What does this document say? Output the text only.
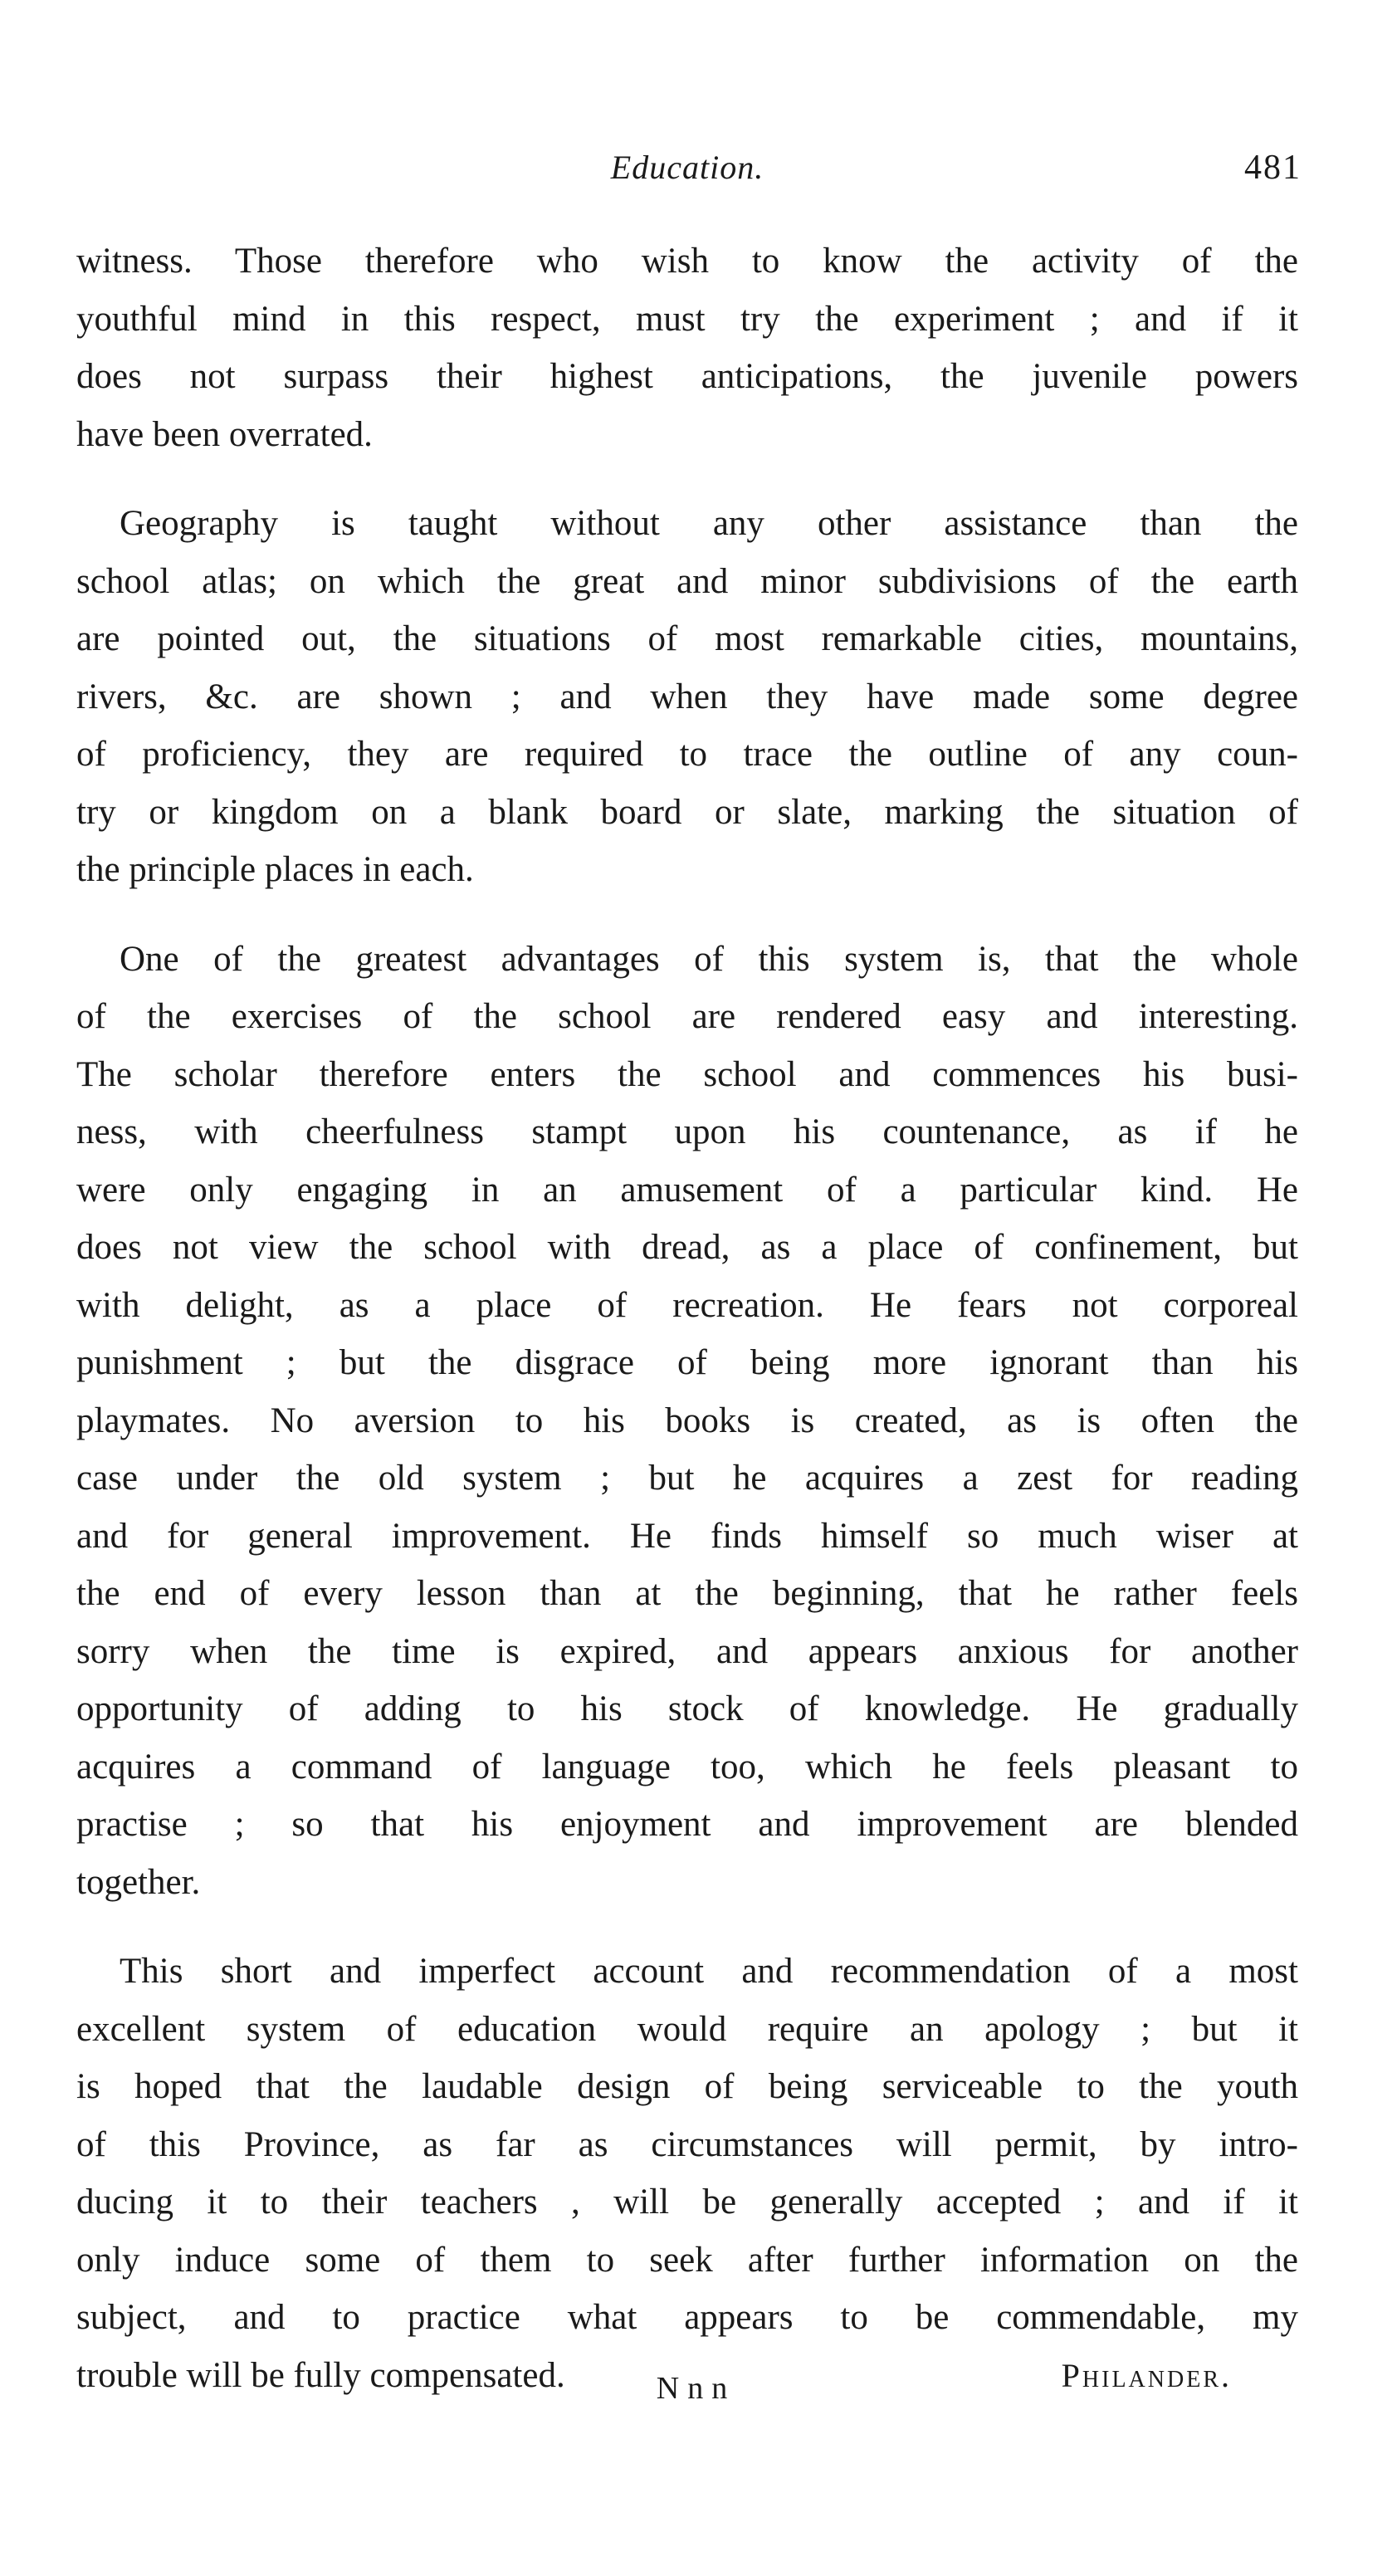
Education.	481
witness. Those therefore who wish to know the activity of the
youthful mind in this respect, must try the experiment ; and if it
does not surpass their highest anticipations, the juvenile powers
have been overrated.
Geography is taught without any other assistance than the
school atlas; on which the great and minor subdivisions of the earth
are pointed out, the situations of most remarkable cities, mountains,
rivers, &c. are shown ; and when they have made some degree
of proficiency, they are required to trace the outline of any coun-
try or kingdom on a blank board or slate, marking the situation of
the principle places in each.
One of the greatest advantages of this system is, that the whole
of the exercises of the school are rendered easy and interesting.
The scholar therefore enters the school and commences his busi-
ness, with cheerfulness stampt upon his countenance, as if he
were only engaging in an amusement of a particular kind. He
does not view the school with dread, as a place of confinement, but
with delight, as a place of recreation. He fears not corporeal
punishment ; but the disgrace of being more ignorant than his
playmates. No aversion to his books is created, as is often the
case under the old system ; but he acquires a zest for reading
and for general improvement. He finds himself so much wiser at
the end of every lesson than at the beginning, that he rather feels
sorry when the time is expired, and appears anxious for another
opportunity of adding to his stock of knowledge. He gradually
acquires a command of language too, which he feels pleasant to
practise ; so that his enjoyment and improvement are blended
together.
This short and imperfect account and recommendation of a most
excellent system of education would require an apology ; but it
is hoped that the laudable design of being serviceable to the youth
of this Province, as far as circumstances will permit, by intro-
ducing it to their teachers , will be generally accepted ; and if it
only induce some of them to seek after further information on the
subject, and to practice what appears to be commendable, my
trouble will be fully compensated.	Philander.
Nnn
